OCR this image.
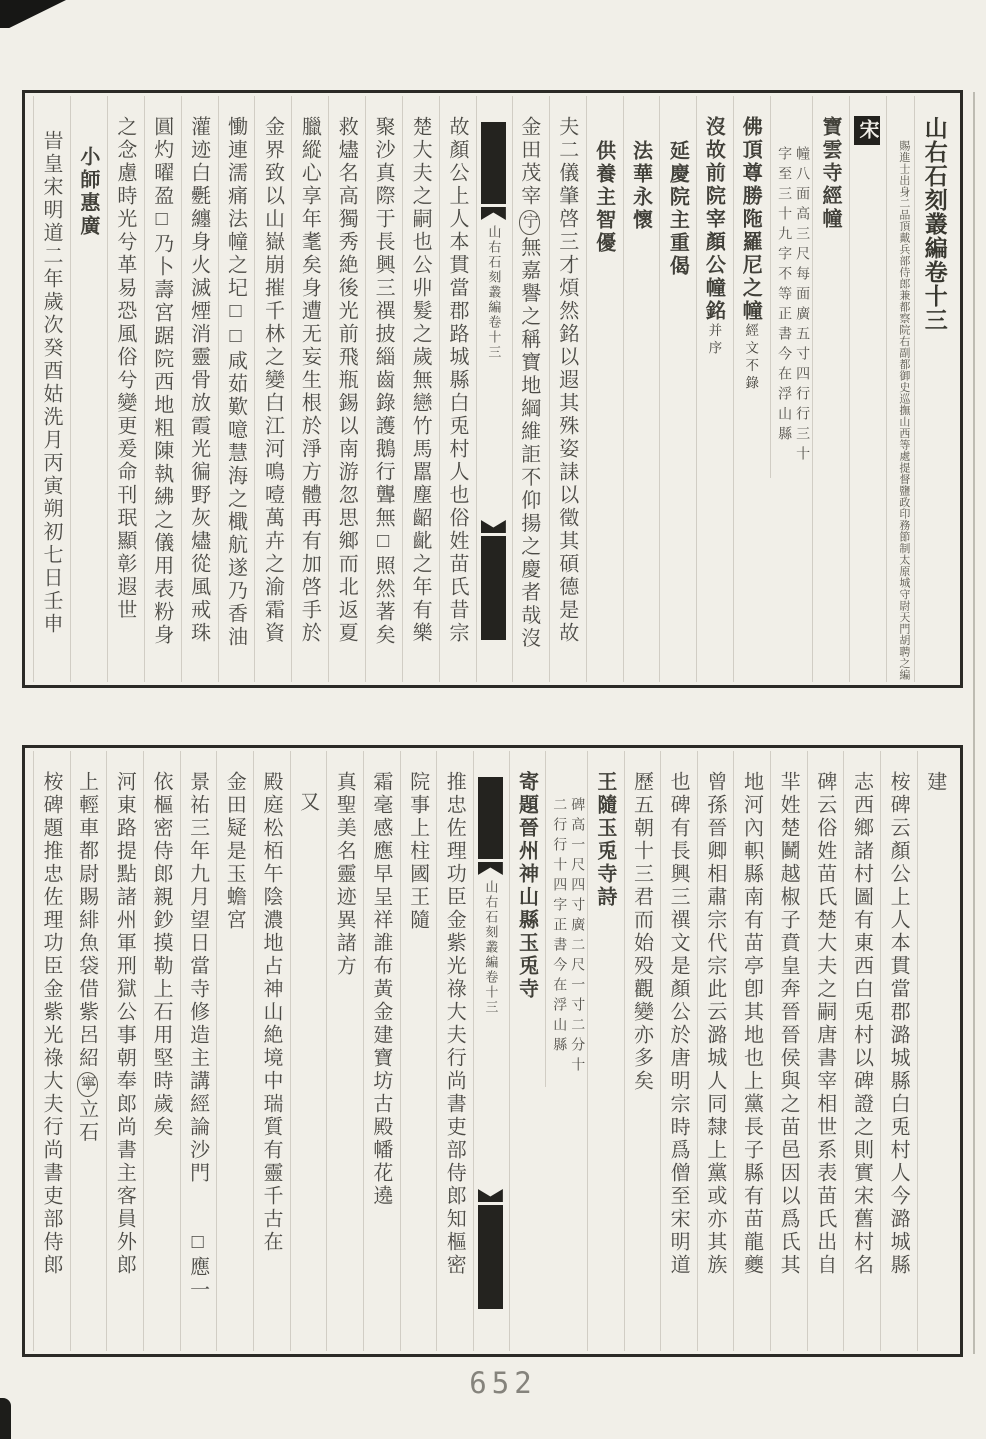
山右石刻叢編卷十三
賜進士出身二品頂戴兵部侍郎兼都察院右副都御史巡撫山西等處提督鹽政印務節制太原城守尉天門胡聘之編
宋
寶雲寺經幢
幢八面高三尺每面廣五寸四行行三十字至三十九字不等正書今在浮山縣
佛頂尊勝陁羅尼之幢經文不錄
沒故前院宰顏公幢銘并序
延慶院主重偈
法華永懷
供養主智優
夫二儀肇啓三才煩然銘以遐其殊姿誄以徵其碩德是故
金田茂宰宁無嘉譽之稱寶地綱維詎不仰揚之慶者哉沒
山右石刻叢編卷十三
故顏公上人本貫當郡路城縣白兎村人也俗姓苗氏昔宗
楚大夫之嗣也公丱髮之歲無戀竹馬嚚塵齠齔之年有樂
聚沙真際于長興三禩披緇齒錄護鵝行聾無□照然著矣
救燼名高獨秀絶後光前飛瓶錫以南游忽思鄉而北返夏
臘縱心享年耄矣身遭无妄生根於淨方體再有加啓手於
金界致以山嶽崩摧千林之變白江河鳴噎萬卉之渝霜資
慟連濡痛法幢之圮□□咸茹歎噫慧海之檝航遂乃香油
灌迹白氎纏身火滅煙消靈骨放霞光徧野灰燼從風戒珠
圓灼曜盈□乃卜壽宮踞院西地粗陳執紼之儀用表粉身
之念慮時光兮革易恐風俗兮變更爰命刊珉顯彰遐世
小師惠廣
旹皇宋明道二年歲次癸酉姑洗月丙寅朔初七日壬申
建
桉碑云顏公上人本貫當郡潞城縣白兎村人今潞城縣
志西鄉諸村圖有東西白兎村以碑證之則實宋舊村名
碑云俗姓苗氏楚大夫之嗣唐書宰相世系表苗氏出自
羋姓楚鬭越椒子賁皇奔晉晉侯與之苗邑因以爲氏其
地河內軹縣南有苗亭卽其地也上黨長子縣有苗龍夔
曾孫晉卿相肅宗代宗此云潞城人同隸上黨或亦其族
也碑有長興三禩文是顏公於唐明宗時爲僧至宋明道
歷五朝十三君而始殁觀變亦多矣
王隨玉兎寺詩
碑高一尺四寸廣二尺一寸二分十二行行十四字正書今在浮山縣
寄題晉州神山縣玉兎寺
山右石刻叢編卷十三
推忠佐理功臣金紫光祿大夫行尚書吏部侍郎知樞密
院事上柱國王隨
霜毫感應早呈祥誰布黃金建寶坊古殿幡花遶
真聖美名靈迹異諸方
又
殿庭松栢午陰濃地占神山絶境中瑞質有靈千古在
金田疑是玉蟾宮
景祐三年九月望日當寺修造主講經論沙門　　□應一
依樞密侍郎親鈔摸勒上石用堅時歲矣
河東路提點諸州軍刑獄公事朝奉郎尚書主客員外郎
上輕車都尉賜緋魚袋借紫呂紹寧立石
桉碑題推忠佐理功臣金紫光祿大夫行尚書吏部侍郎
652
